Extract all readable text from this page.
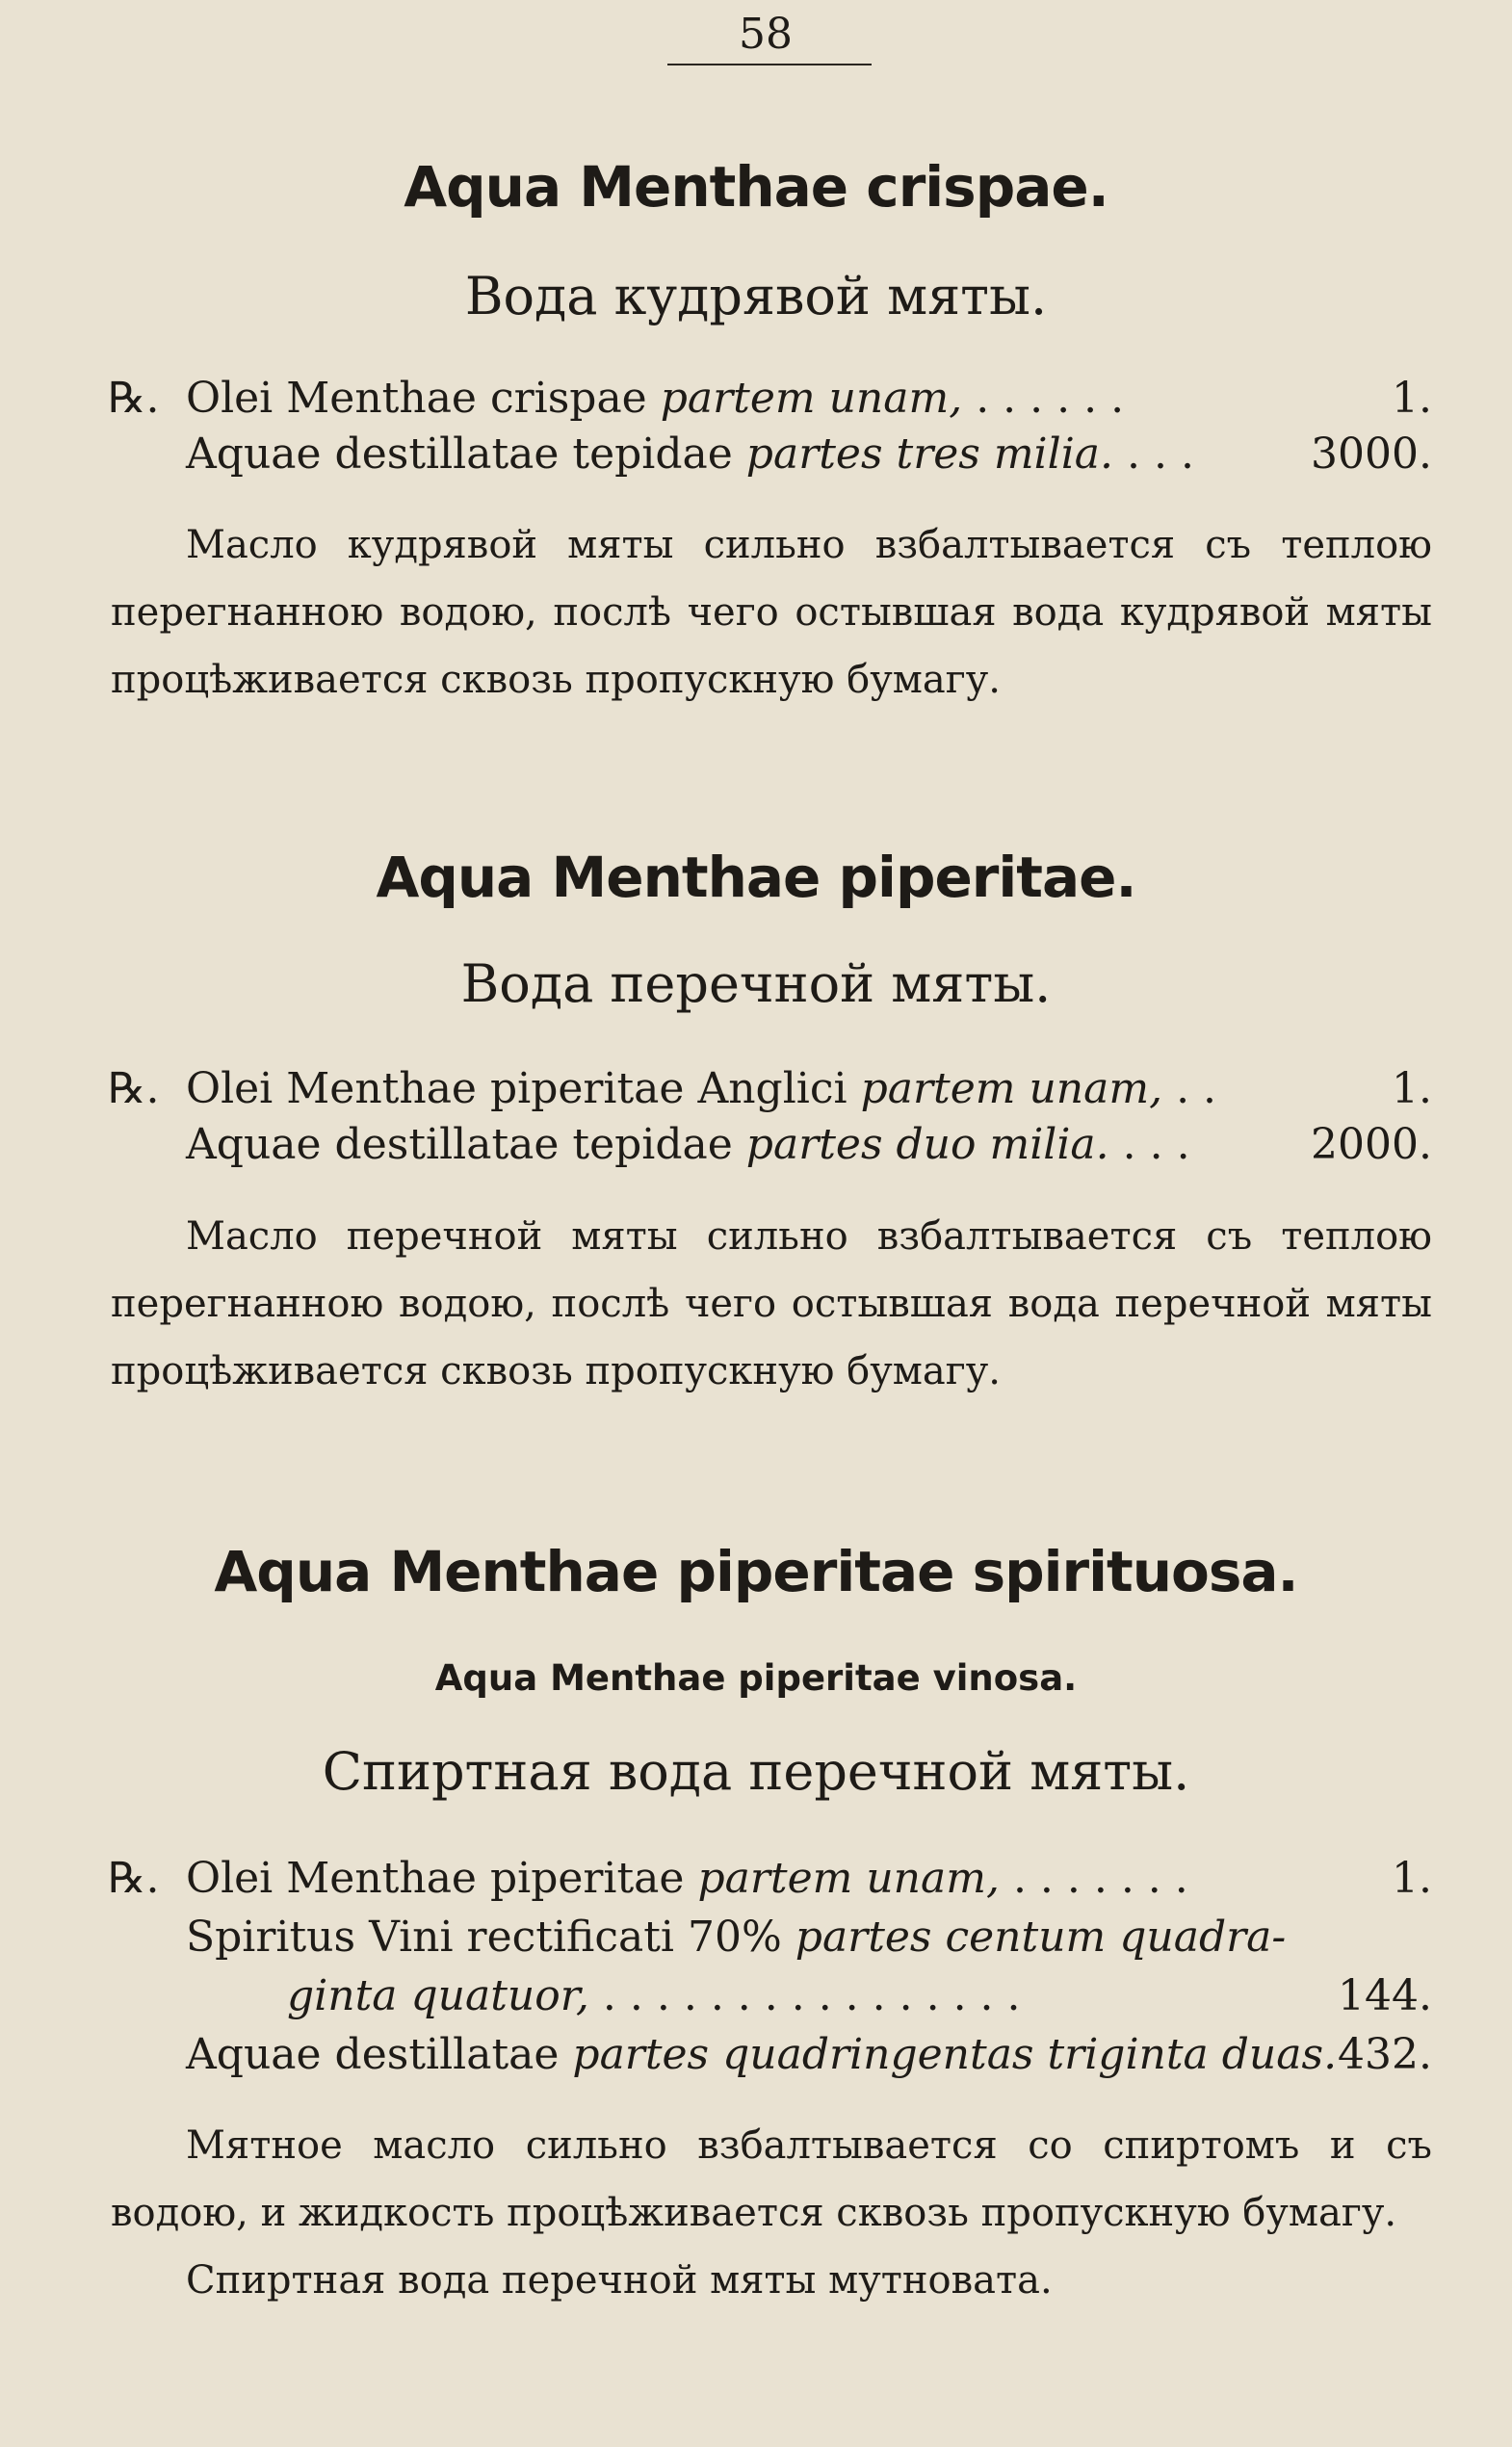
58
Aqua Menthae crispae.
Вода кудрявой мяты.
℞. Olei Menthae crispae partem unam, . . . . . .	1.
Aquae destillatae tepidae partes tres milia. . . .	3000.
Масло кудрявой мяты сильно взбалтывается съ теплою перегнанною водою, послѣ чего остывшая вода кудрявой мяты процѣживается сквозь пропускную бумагу.
Aqua Menthae piperitae.
Вода перечной мяты.
℞. Olei Menthae piperitae Anglici partem unam, . .	1.
Aquae destillatae tepidae partes duo milia. . . .	2000.
Масло перечной мяты сильно взбалтывается съ теплою перегнанною водою, послѣ чего остывшая вода перечной мяты процѣживается сквозь пропускную бумагу.
Aqua Menthae piperitae spirituosa.
Aqua Menthae piperitae vinosa.
Спиртная вода перечной мяты.
℞. Olei Menthae piperitae partem unam, . . . . . . .	1.
Spiritus Vini rectificati 70% partes centum quadra-
ginta quatuor, . . . . . . . . . . . . . . . .	144.
Aquae destillatae partes quadringentas triginta duas. 432.
Мятное масло сильно взбалтывается со спиртомъ и съ водою, и жидкость процѣживается сквозь пропускную бумагу.
Спиртная вода перечной мяты мутновата.
